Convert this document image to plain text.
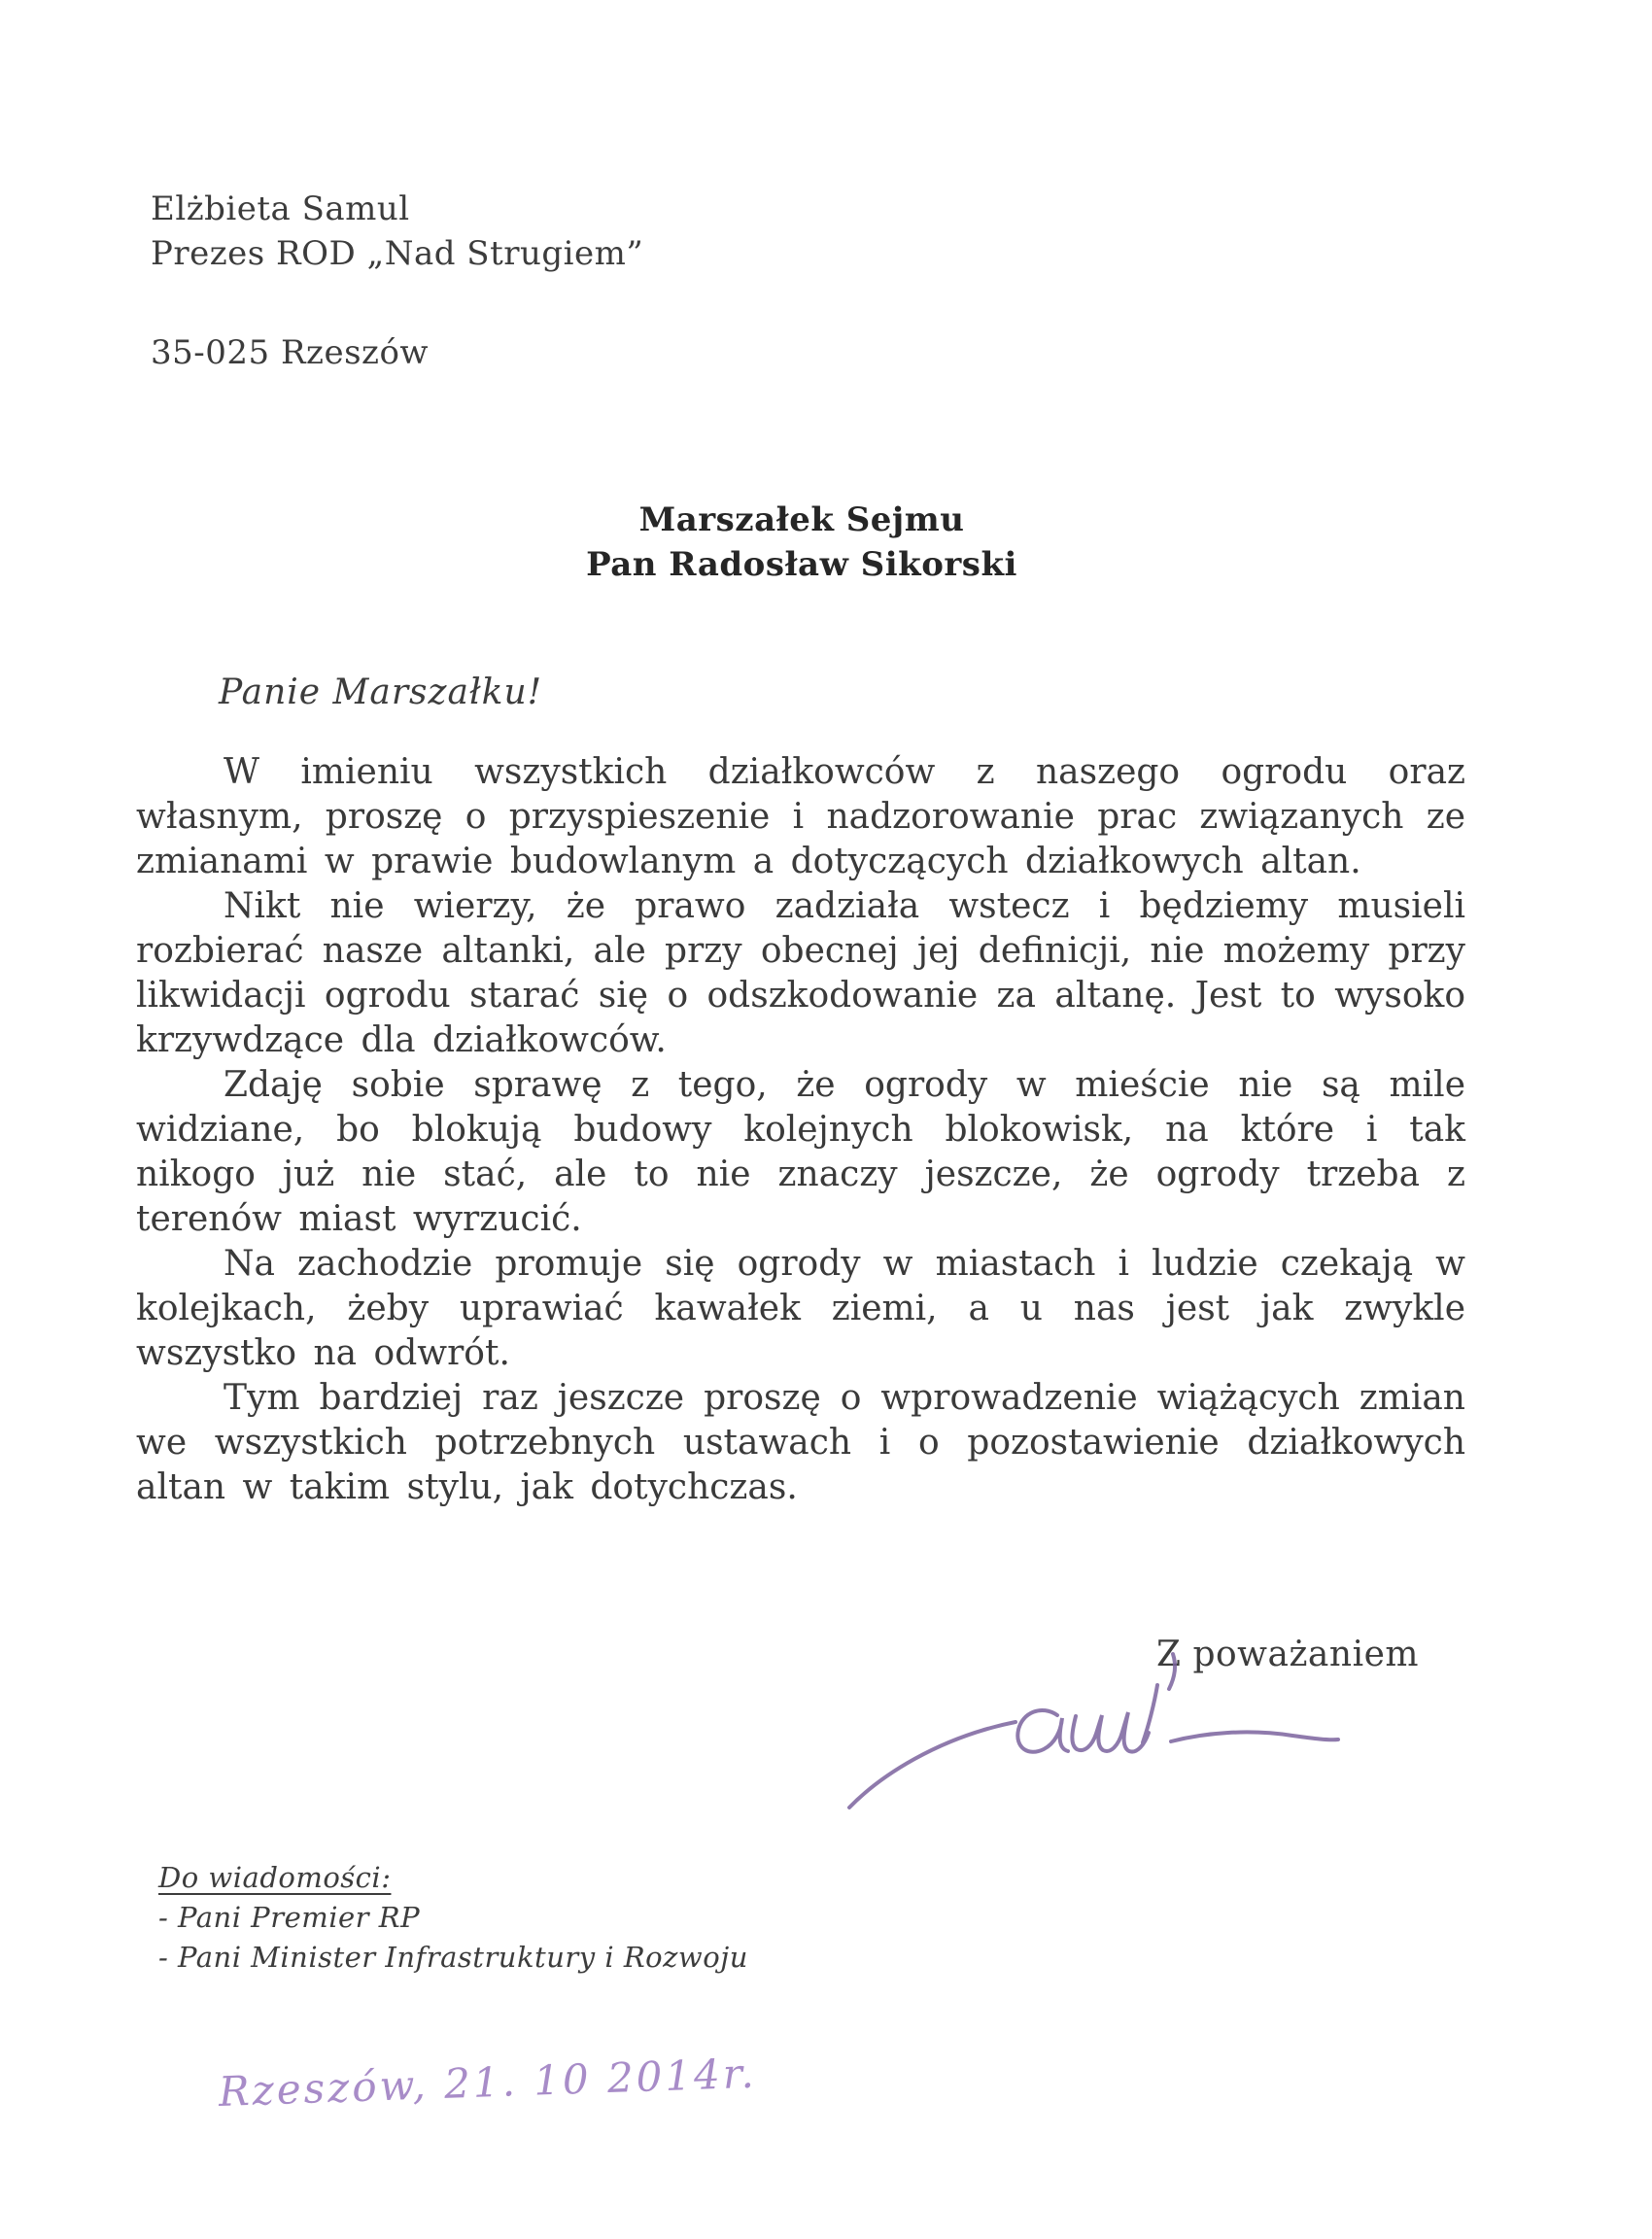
Elżbieta Samul
Prezes ROD „Nad Strugiem”
35-025 Rzeszów
Marszałek Sejmu
Pan Radosław Sikorski
Panie Marszałku!

W imieniu wszystkich działkowców z naszego ogrodu oraz własnym, proszę o przyspieszenie i nadzorowanie prac związanych ze zmianami w prawie budowlanym a dotyczących działkowych altan.

Nikt nie wierzy, że prawo zadziała wstecz i będziemy musieli rozbierać nasze altanki, ale przy obecnej jej definicji, nie możemy przy likwidacji ogrodu starać się o odszkodowanie za altanę. Jest to wysoko krzywdzące dla działkowców.

Zdaję sobie sprawę z tego, że ogrody w mieście nie są mile widziane, bo blokują budowy kolejnych blokowisk, na które i tak nikogo już nie stać, ale to nie znaczy jeszcze, że ogrody trzeba z terenów miast wyrzucić.

Na zachodzie promuje się ogrody w miastach i ludzie czekają w kolejkach, żeby uprawiać kawałek ziemi, a u nas jest jak zwykle wszystko na odwrót.

Tym bardziej raz jeszcze proszę o wprowadzenie wiążących zmian we wszystkich potrzebnych ustawach i o pozostawienie działkowych altan w takim stylu, jak dotychczas.

Z poważaniem
Do wiadomości:
- Pani Premier RP
- Pani Minister Infrastruktury i Rozwoju
Rzeszów, 21. 10 2014r.
